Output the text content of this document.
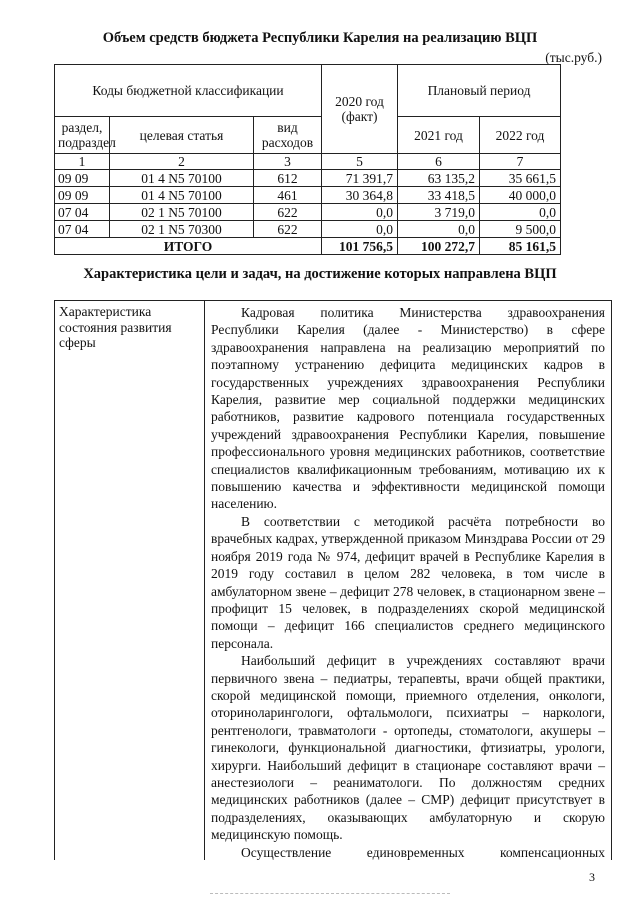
Объем средств бюджета Республики Карелия на реализацию ВЦП
(тыс.руб.)
Коды бюджетной классификации			2020 год (факт)	Плановый период	
раздел, подраздел	целевая статья	вид расходов		2021 год	2022 год
1	2	3	5	6	7
09 09	01 4 N5 70100	612	71 391,7	63 135,2	35 661,5
09 09	01 4 N5 70100	461	30 364,8	33 418,5	40 000,0
07 04	02 1 N5 70100	622	0,0	3 719,0	0,0
07 04	02 1 N5 70300	622	0,0	0,0	9 500,0
ИТОГО			101 756,5	100 272,7	85 161,5
Характеристика цели и задач, на достижение которых направлена ВЦП
Характеристика состояния развития сферы

Кадровая политика Министерства здравоохранения Республики Карелия (далее - Министерство) в сфере здравоохранения направлена на реализацию мероприятий по поэтапному устранению дефицита медицинских кадров в государственных учреждениях здравоохранения Республики Карелия, развитие мер социальной поддержки медицинских работников, развитие кадрового потенциала государственных учреждений здравоохранения Республики Карелия, повышение профессионального уровня медицинских работников, соответствие специалистов квалификационным требованиям, мотивацию их к повышению качества и эффективности медицинской помощи населению.

В соответствии с методикой расчёта потребности во врачебных кадрах, утвержденной приказом Минздрава России от 29 ноября 2019 года № 974, дефицит врачей в Республике Карелия в 2019 году составил в целом 282 человека, в том числе в амбулаторном звене – дефицит 278 человек, в стационарном звене – профицит 15 человек, в подразделениях скорой медицинской помощи – дефицит 166 специалистов среднего медицинского персонала.

Наибольший дефицит в учреждениях составляют врачи первичного звена – педиатры, терапевты, врачи общей практики, скорой медицинской помощи, приемного отделения, онкологи, оториноларингологи, офтальмологи, психиатры – наркологи, рентгенологи, травматологи - ортопеды, стоматологи, акушеры – гинекологи, функциональной диагностики, фтизиатры, урологи, хирурги. Наибольший дефицит в стационаре составляют врачи – анестезиологи – реаниматологи. По должностям средних медицинских работников (далее – СМР) дефицит присутствует в подразделениях, оказывающих амбулаторную и скорую медицинскую помощь.

Осуществление единовременных компенсационных

3
